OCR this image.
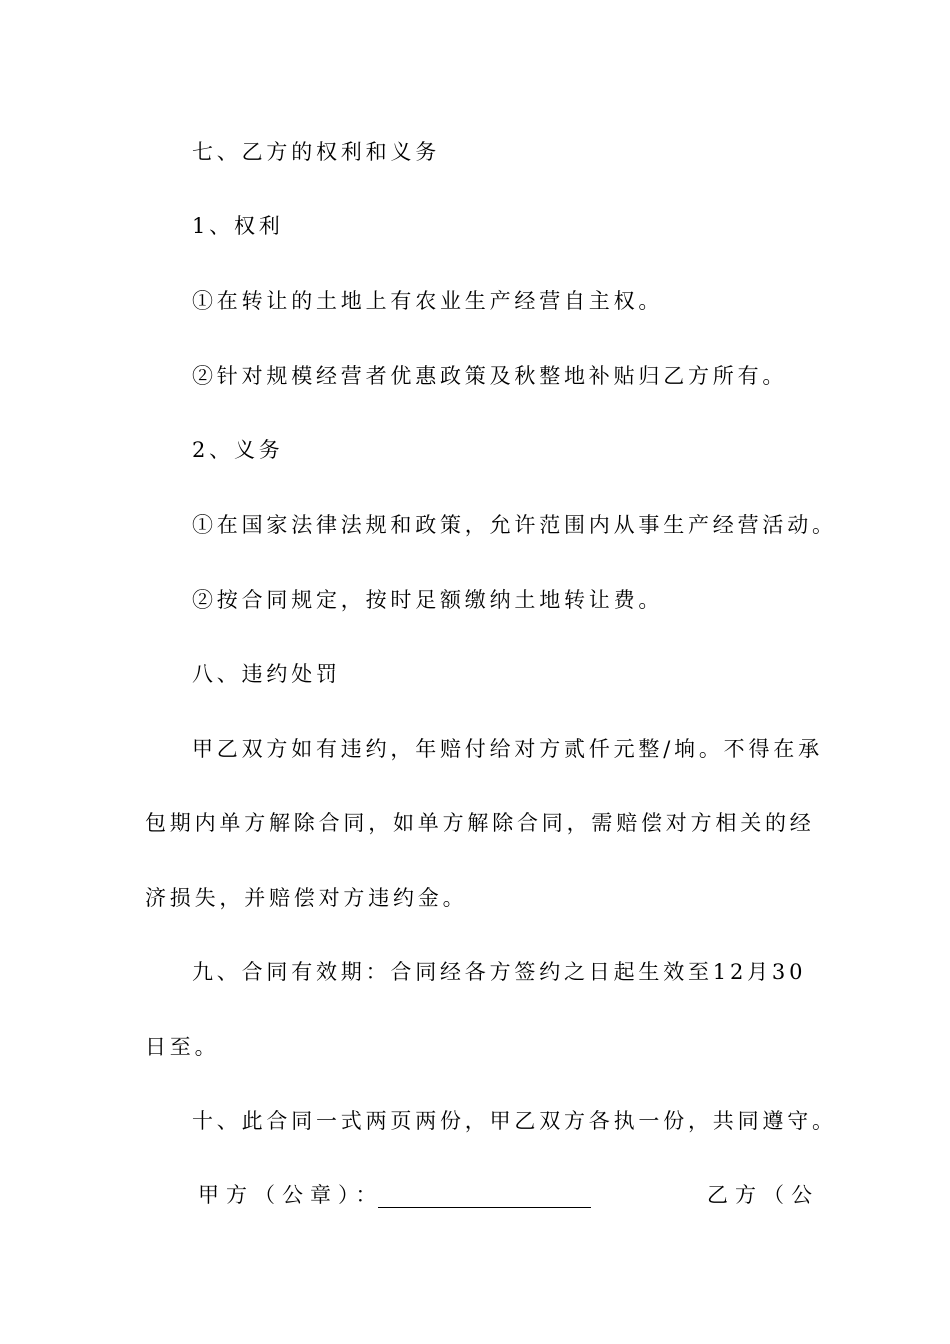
七、乙方的权利和义务
1、权利
①在转让的土地上有农业生产经营自主权。
②针对规模经营者优惠政策及秋整地补贴归乙方所有。
2、义务
①在国家法律法规和政策，允许范围内从事生产经营活动。
②按合同规定，按时足额缴纳土地转让费。
八、违约处罚
甲乙双方如有违约，年赔付给对方贰仟元整/垧。不得在承
包期内单方解除合同，如单方解除合同，需赔偿对方相关的经
济损失，并赔偿对方违约金。
九、合同有效期：合同经各方签约之日起生效至12月30
日至。
十、此合同一式两页两份，甲乙双方各执一份，共同遵守。
甲方（公章）：	乙方（公
